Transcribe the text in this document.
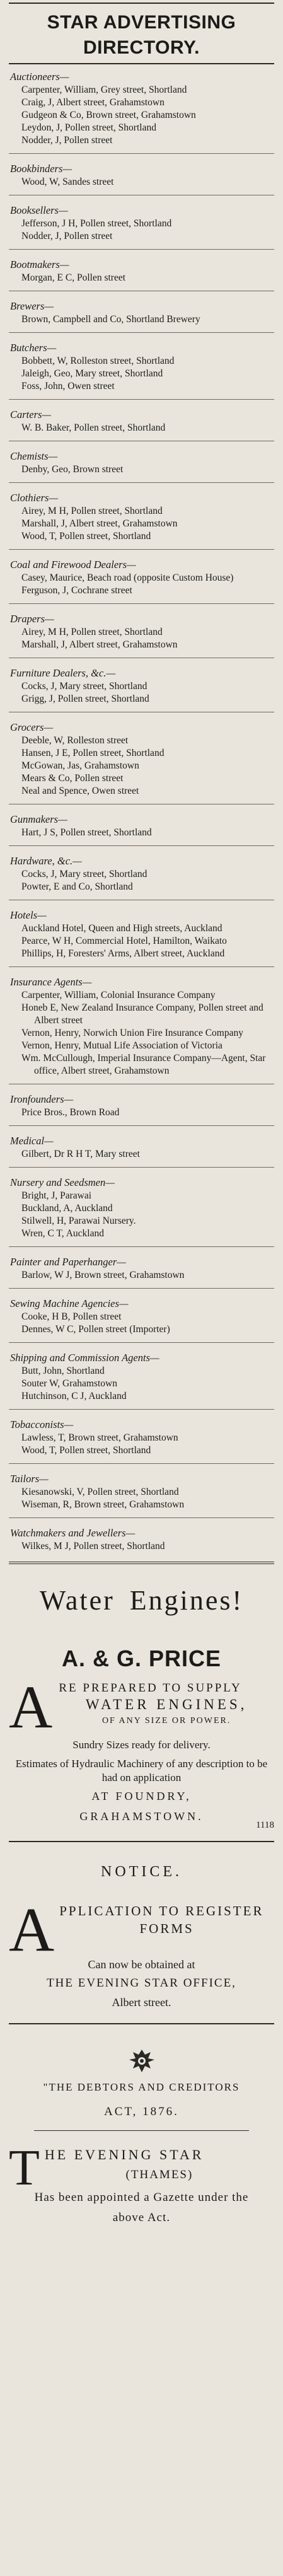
STAR ADVERTISING DIRECTORY.
Auctioneers—
Carpenter, William, Grey street, Shortland
Craig, J, Albert street, Grahamstown
Gudgeon & Co, Brown street, Grahamstown
Leydon, J, Pollen street, Shortland
Nodder, J, Pollen street
Bookbinders—
Wood, W, Sandes street
Booksellers—
Jefferson, J H, Pollen street, Shortland
Nodder, J, Pollen street
Bootmakers—
Morgan, E C, Pollen street
Brewers—
Brown, Campbell and Co, Shortland Brewery
Butchers—
Bobbett, W, Rolleston street, Shortland
Jaleigh, Geo, Mary street, Shortland
Foss, John, Owen street
Carters—
W. B. Baker, Pollen street, Shortland
Chemists—
Denby, Geo, Brown street
Clothiers—
Airey, M H, Pollen street, Shortland
Marshall, J, Albert street, Grahamstown
Wood, T, Pollen street, Shortland
Coal and Firewood Dealers—
Casey, Maurice, Beach road (opposite Custom House)
Ferguson, J, Cochrane street
Drapers—
Airey, M H, Pollen street, Shortland
Marshall, J, Albert street, Grahamstown
Furniture Dealers, &c.—
Cocks, J, Mary street, Shortland
Grigg, J, Pollen street, Shortland
Grocers—
Deeble, W, Rolleston street
Hansen, J E, Pollen street, Shortland
McGowan, Jas, Grahamstown
Mears & Co, Pollen street
Neal and Spence, Owen street
Gunmakers—
Hart, J S, Pollen street, Shortland
Hardware, &c.—
Cocks, J, Mary street, Shortland
Powter, E and Co, Shortland
Hotels—
Auckland Hotel, Queen and High streets, Auckland
Pearce, W H, Commercial Hotel, Hamilton, Waikato
Phillips, H, Foresters' Arms, Albert street, Auckland
Insurance Agents—
Carpenter, William, Colonial Insurance Company
Honeb E, New Zealand Insurance Company, Pollen street and Albert street
Vernon, Henry, Norwich Union Fire Insurance Company
Vernon, Henry, Mutual Life Association of Victoria
Wm. McCullough, Imperial Insurance Company—Agent, Star office, Albert street, Grahamstown
Ironfounders—
Price Bros., Brown Road
Medical—
Gilbert, Dr R H T, Mary street
Nursery and Seedsmen—
Bright, J, Parawai
Buckland, A, Auckland
Stilwell, H, Parawai Nursery.
Wren, C T, Auckland
Painter and Paperhanger—
Barlow, W J, Brown street, Grahamstown
Sewing Machine Agencies—
Cooke, H B, Pollen street
Dennes, W C, Pollen street (Importer)
Shipping and Commission Agents—
Butt, John, Shortland
Souter W, Grahamstown
Hutchinson, C J, Auckland
Tobacconists—
Lawless, T, Brown street, Grahamstown
Wood, T, Pollen street, Shortland
Tailors—
Kiesanowski, V, Pollen street, Shortland
Wiseman, R, Brown street, Grahamstown
Watchmakers and Jewellers—
Wilkes, M J, Pollen street, Shortland
Water Engines!
A. & G. PRICE
A RE PREPARED TO SUPPLY
WATER ENGINES,
OF ANY SIZE OR POWER.
Sundry Sizes ready for delivery.
Estimates of Hydraulic Machinery of any description to be had on application
AT FOUNDRY,
GRAHAMSTOWN.
1118
NOTICE.
A PPLICATION TO REGISTER
FORMS
Can now be obtained at
THE EVENING STAR OFFICE,
Albert street.
"THE DEBTORS AND CREDITORS
ACT, 1876.
T HE EVENING STAR
(THAMES)
Has been appointed a Gazette under the
above Act.
